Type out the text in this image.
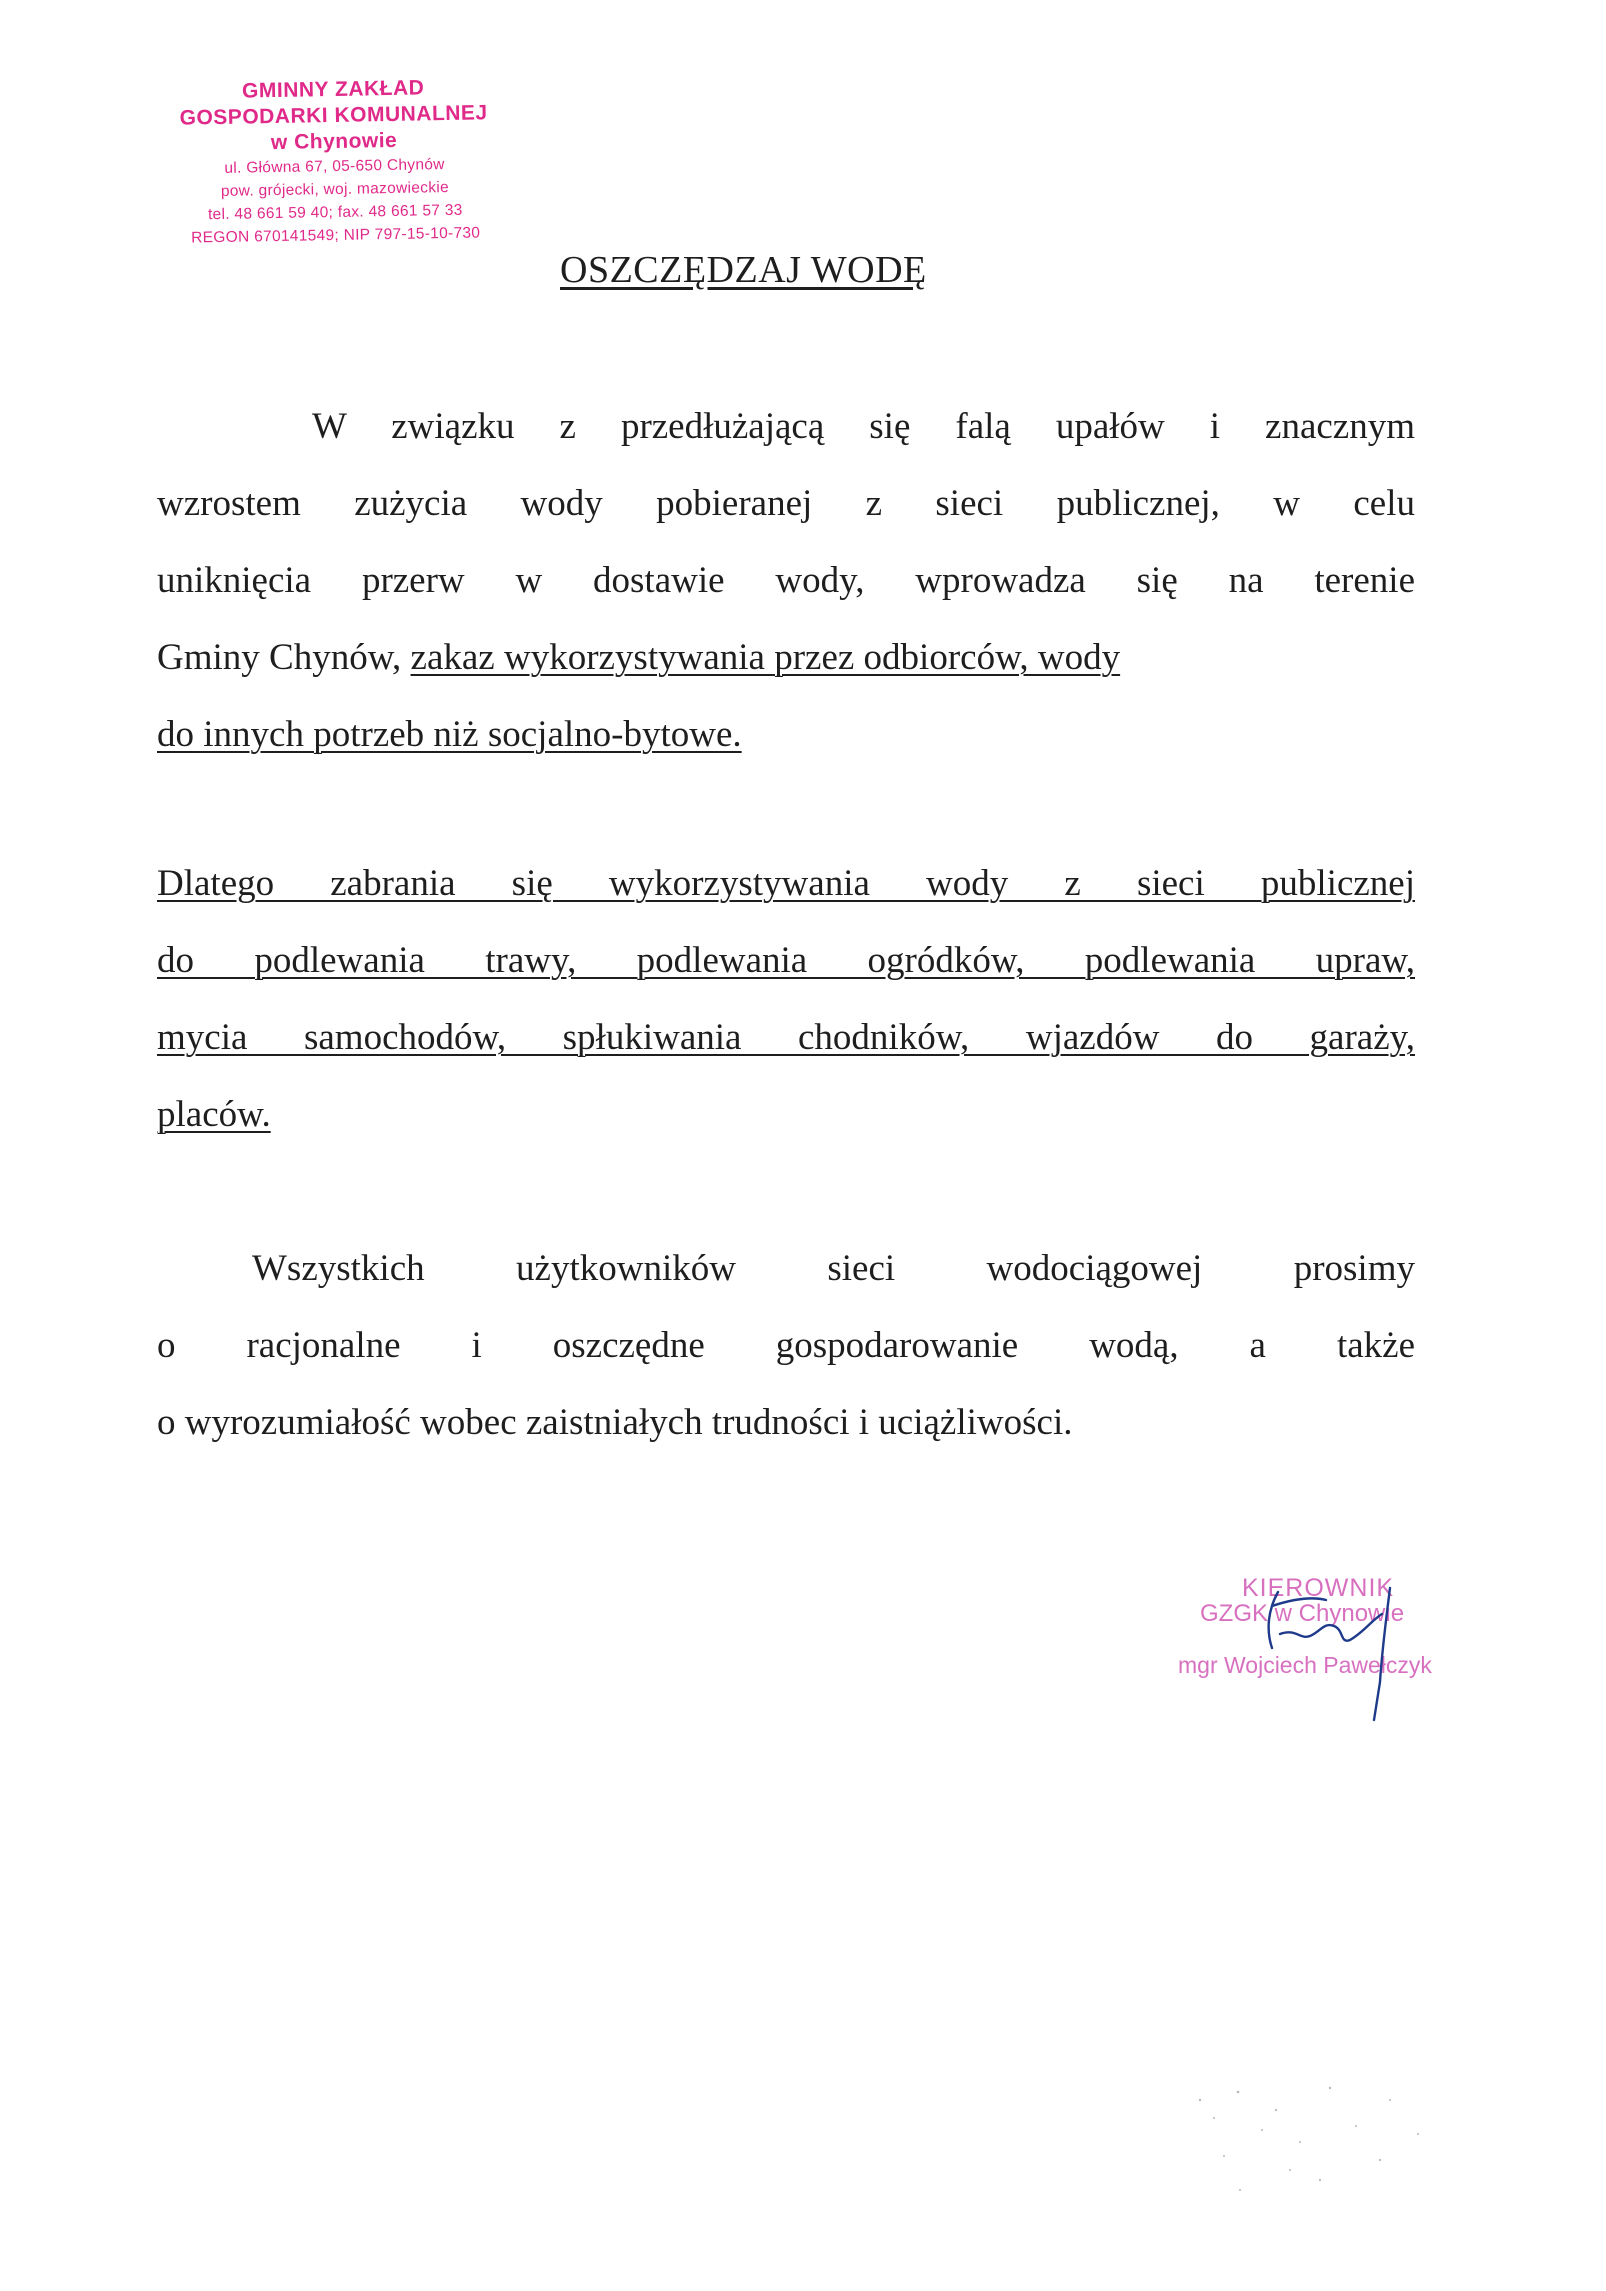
GMINNY ZAKŁAD
GOSPODARKI KOMUNALNEJ
w Chynowie
ul. Główna 67, 05-650 Chynów
pow. grójecki, woj. mazowieckie
tel. 48 661 59 40; fax. 48 661 57 33
REGON 670141549; NIP 797-15-10-730
OSZCZĘDZAJ WODĘ
W związku z przedłużającą się falą upałów i znacznym
wzrostem zużycia wody pobieranej z sieci publicznej, w celu
uniknięcia przerw w dostawie wody, wprowadza się na terenie
Gminy Chynów, zakaz wykorzystywania przez odbiorców, wody
do innych potrzeb niż socjalno-bytowe.
Dlatego zabrania się wykorzystywania wody z sieci publicznej
do podlewania trawy, podlewania ogródków, podlewania upraw,
mycia samochodów, spłukiwania chodników, wjazdów do garaży,
placów.
Wszystkich użytkowników sieci wodociągowej prosimy
o racjonalne i oszczędne gospodarowanie wodą, a także
o wyrozumiałość wobec zaistniałych trudności i uciążliwości.
KIEROWNIK
GZGK w Chynowie
mgr Wojciech Pawełczyk
